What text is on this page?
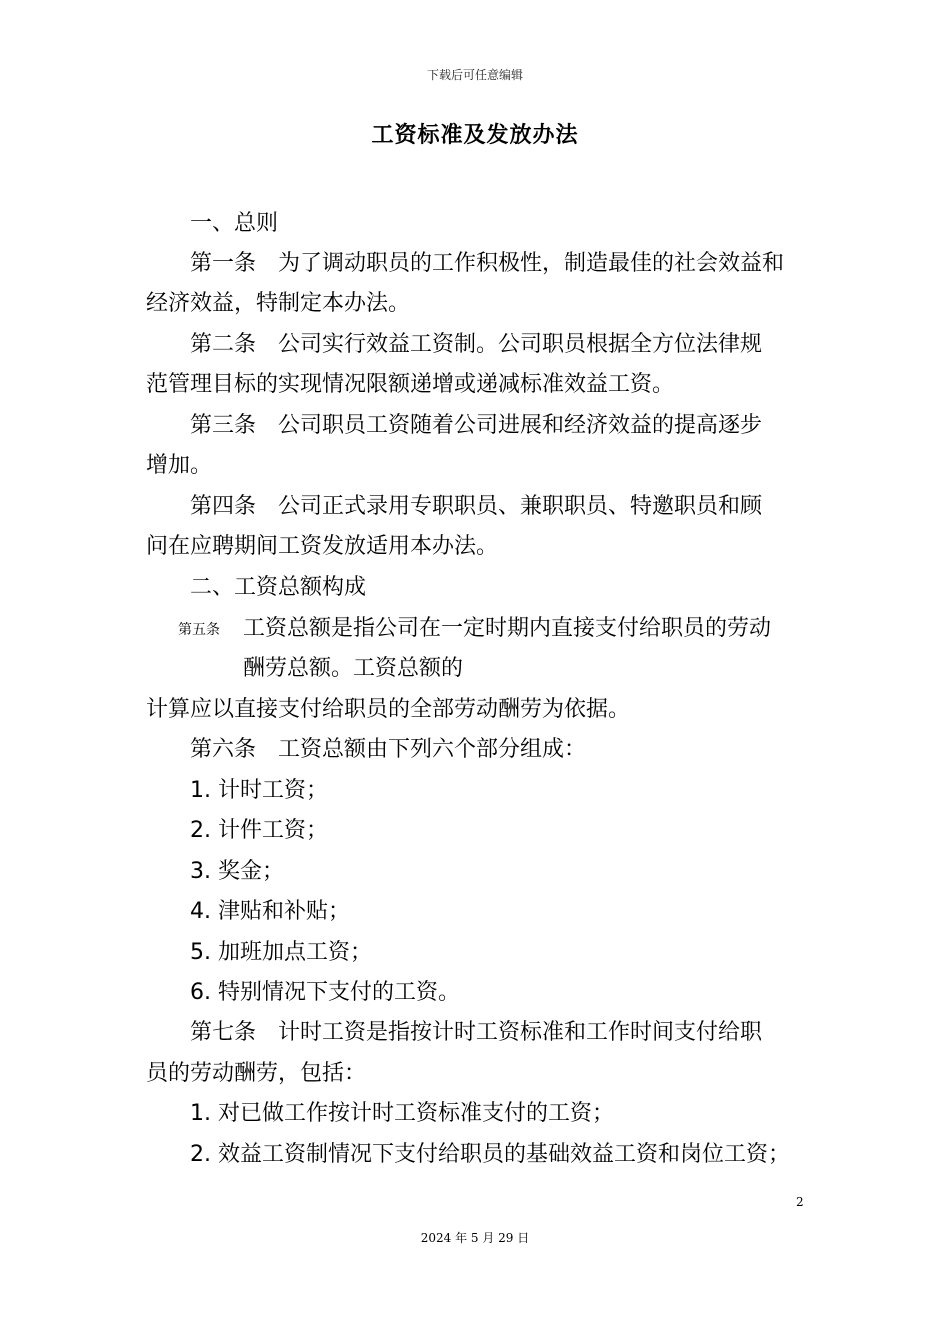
下载后可任意编辑
工资标准及发放办法
一、总则
第一条　为了调动职员的工作积极性，制造最佳的社会效益和
经济效益，特制定本办法。
第二条　公司实行效益工资制。公司职员根据全方位法律规
范管理目标的实现情况限额递增或递减标准效益工资。
第三条　公司职员工资随着公司进展和经济效益的提高逐步
增加。
第四条　公司正式录用专职职员、兼职职员、特邀职员和顾
问在应聘期间工资发放适用本办法。
二、工资总额构成
第五条 工资总额是指公司在一定时期内直接支付给职员的劳动
酬劳总额。工资总额的
计算应以直接支付给职员的全部劳动酬劳为依据。
第六条　工资总额由下列六个部分组成：
1. 计时工资；
2. 计件工资；
3. 奖金；
4. 津贴和补贴；
5. 加班加点工资；
6. 特别情况下支付的工资。
第七条　计时工资是指按计时工资标准和工作时间支付给职
员的劳动酬劳，包括：
1. 对已做工作按计时工资标准支付的工资；
2. 效益工资制情况下支付给职员的基础效益工资和岗位工资；
2
2024 年 5 月 29 日
